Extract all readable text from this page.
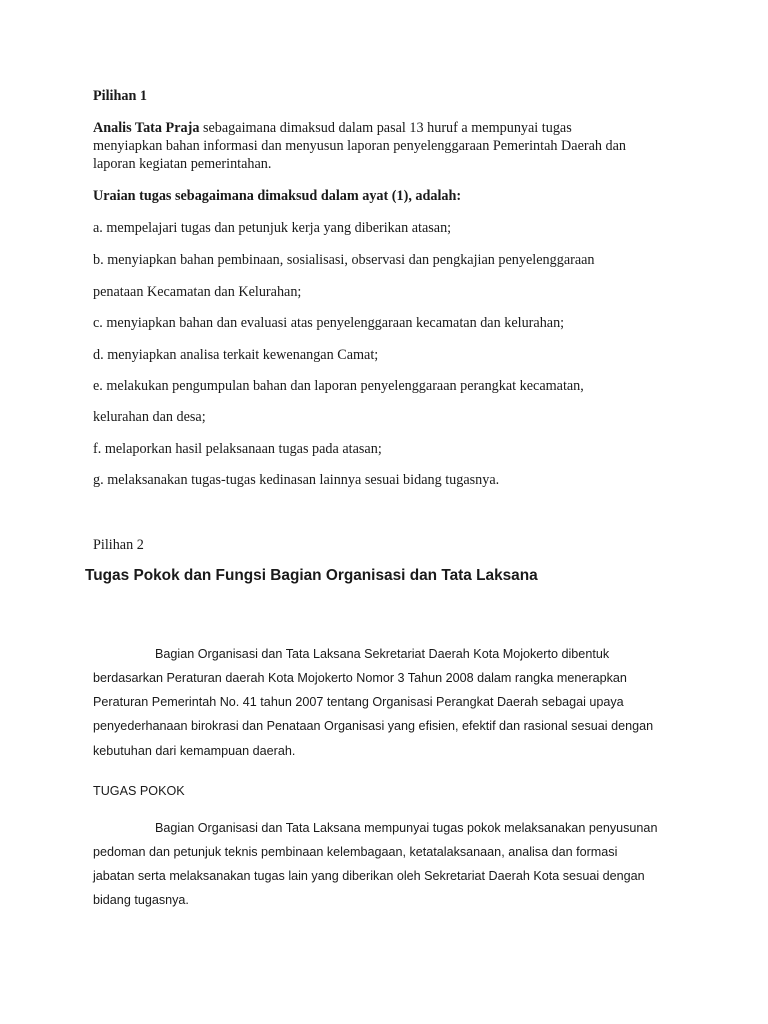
Pilihan 1

Analis Tata Praja sebagaimana dimaksud dalam pasal 13 huruf a mempunyai tugas
menyiapkan bahan informasi dan menyusun laporan penyelenggaraan Pemerintah Daerah dan
laporan kegiatan pemerintahan.

Uraian tugas sebagaimana dimaksud dalam ayat (1), adalah:

a. mempelajari tugas dan petunjuk kerja yang diberikan atasan;

b. menyiapkan bahan pembinaan, sosialisasi, observasi dan pengkajian penyelenggaraan

penataan Kecamatan dan Kelurahan;

c. menyiapkan bahan dan evaluasi atas penyelenggaraan kecamatan dan kelurahan;

d. menyiapkan analisa terkait kewenangan Camat;

e. melakukan pengumpulan bahan dan laporan penyelenggaraan perangkat kecamatan,

kelurahan dan desa;

f. melaporkan hasil pelaksanaan tugas pada atasan;

g. melaksanakan tugas-tugas kedinasan lainnya sesuai bidang tugasnya.

Pilihan 2

Tugas Pokok dan Fungsi Bagian Organisasi dan Tata Laksana

Bagian Organisasi dan Tata Laksana Sekretariat Daerah Kota Mojokerto dibentuk

berdasarkan Peraturan daerah Kota Mojokerto Nomor 3 Tahun 2008 dalam rangka menerapkan

Peraturan Pemerintah No. 41 tahun 2007 tentang Organisasi Perangkat Daerah sebagai upaya

penyederhanaan birokrasi dan Penataan Organisasi yang efisien, efektif dan rasional sesuai dengan

kebutuhan dari kemampuan daerah.

TUGAS POKOK

Bagian Organisasi dan Tata Laksana mempunyai tugas pokok melaksanakan penyusunan

pedoman dan petunjuk teknis pembinaan kelembagaan, ketatalaksanaan, analisa dan formasi

jabatan serta melaksanakan tugas lain yang diberikan oleh Sekretariat Daerah Kota sesuai dengan

bidang tugasnya.
